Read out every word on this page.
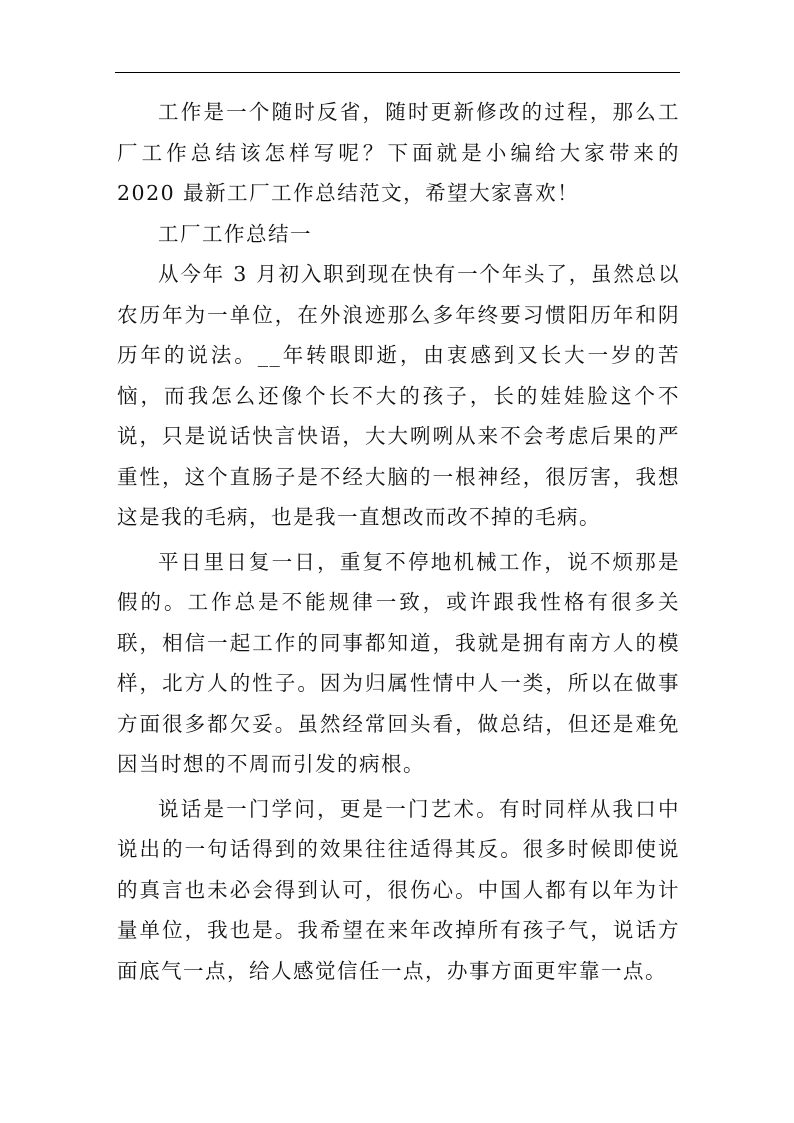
工作是一个随时反省，随时更新修改的过程，那么工厂工作总结该怎样写呢？下面就是小编给大家带来的 2020 最新工厂工作总结范文，希望大家喜欢！

工厂工作总结一

从今年 3 月初入职到现在快有一个年头了，虽然总以农历年为一单位，在外浪迹那么多年终要习惯阳历年和阴历年的说法。__年转眼即逝，由衷感到又长大一岁的苦恼，而我怎么还像个长不大的孩子，长的娃娃脸这个不说，只是说话快言快语，大大咧咧从来不会考虑后果的严重性，这个直肠子是不经大脑的一根神经，很厉害，我想这是我的毛病，也是我一直想改而改不掉的毛病。

平日里日复一日，重复不停地机械工作，说不烦那是假的。工作总是不能规律一致，或许跟我性格有很多关联，相信一起工作的同事都知道，我就是拥有南方人的模样，北方人的性子。因为归属性情中人一类，所以在做事方面很多都欠妥。虽然经常回头看，做总结，但还是难免因当时想的不周而引发的病根。

说话是一门学问，更是一门艺术。有时同样从我口中说出的一句话得到的效果往往适得其反。很多时候即使说的真言也未必会得到认可，很伤心。中国人都有以年为计量单位，我也是。我希望在来年改掉所有孩子气，说话方面底气一点，给人感觉信任一点，办事方面更牢靠一点。
